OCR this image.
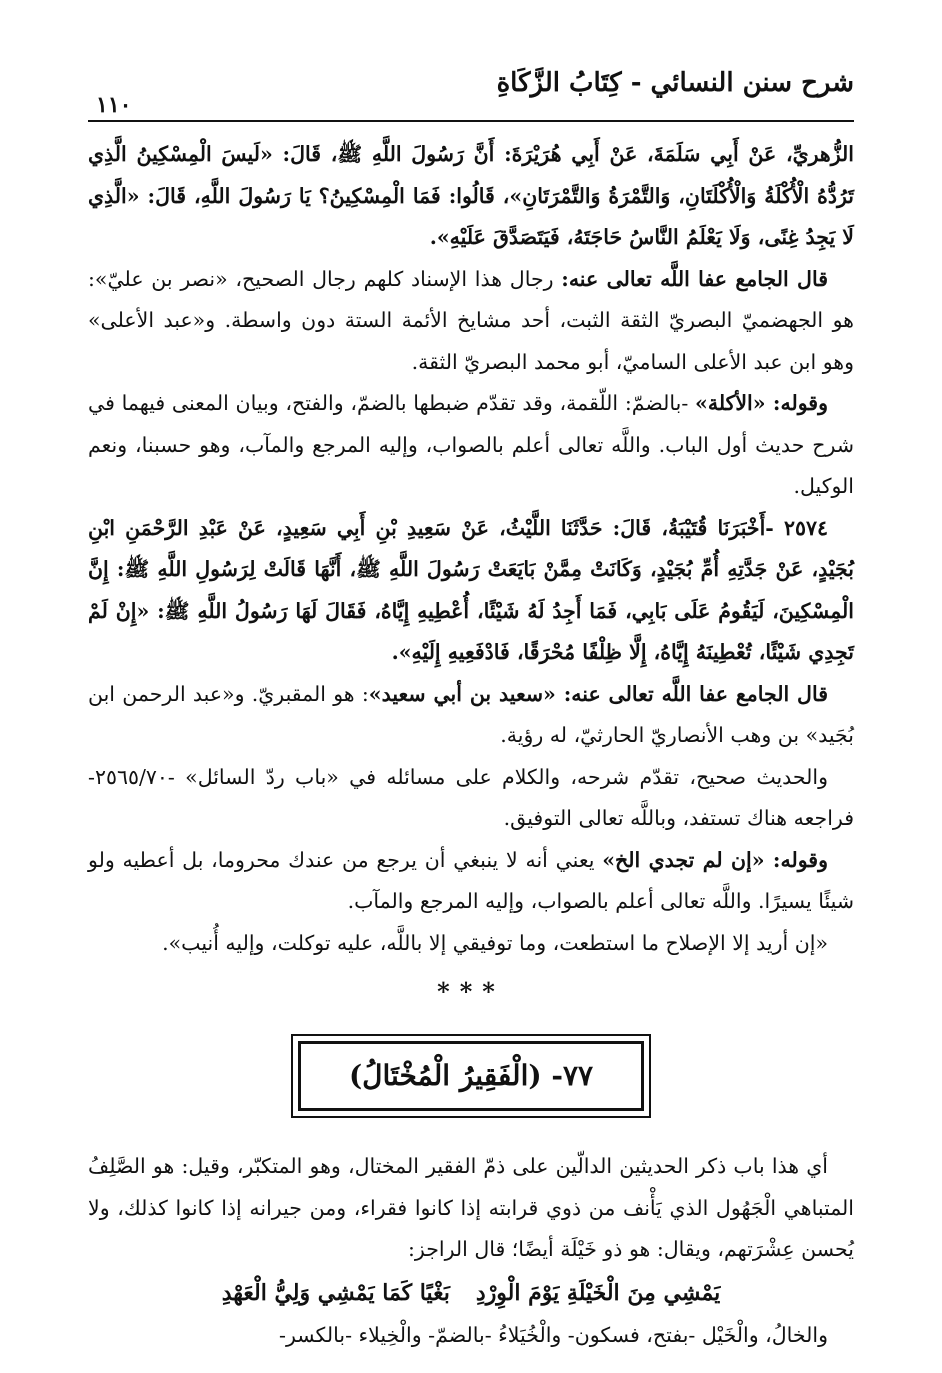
شرح سنن النسائي - كِتَابُ الزَّكَاةِ
١١٠

الزُّهريِّ، عَنْ أَبِي سَلَمَةَ، عَنْ أَبِي هُرَيْرَةَ: أَنَّ رَسُولَ اللَّهِ ﷺ، قَالَ: «لَيسَ الْمِسْكِينُ الَّذِي تَرُدُّهُ الْأُكْلَةُ وَالْأُكْلَتَانِ، وَالتَّمْرَةُ وَالتَّمْرَتَانِ»، قَالُوا: فَمَا الْمِسْكِينُ؟ يَا رَسُولَ اللَّهِ، قَالَ: «الَّذِي لَا يَجِدُ غِنًى، وَلَا يَعْلَمُ النَّاسُ حَاجَتَهُ، فَيَتَصَدَّقَ عَلَيْهِ».

قال الجامع عفا اللَّه تعالى عنه: رجال هذا الإسناد كلهم رجال الصحيح، «نصر بن عليّ»: هو الجهضميّ البصريّ الثقة الثبت، أحد مشايخ الأئمة الستة دون واسطة. و«عبد الأعلى» وهو ابن عبد الأعلى الساميّ، أبو محمد البصريّ الثقة.

وقوله: «الأكلة» -بالضمّ: اللّقمة، وقد تقدّم ضبطها بالضمّ، والفتح، وبيان المعنى فيهما في شرح حديث أول الباب. واللَّه تعالى أعلم بالصواب، وإليه المرجع والمآب، وهو حسبنا، ونعم الوكيل.

٢٥٧٤ -أَخْبَرَنَا قُتَيْبَةُ، قَالَ: حَدَّثَنَا اللَّيْثُ، عَنْ سَعِيدِ بْنِ أَبِي سَعِيدٍ، عَنْ عَبْدِ الرَّحْمَنِ ابْنِ بُجَيْدٍ، عَنْ جَدَّتِهِ أُمِّ بُجَيْدٍ، وَكَانَتْ مِمَّنْ بَايَعَتْ رَسُولَ اللَّهِ ﷺ، أَنَّهَا قَالَتْ لِرَسُولِ اللَّهِ ﷺ: إِنَّ الْمِسْكِينَ، لَيَقُومُ عَلَى بَابِي، فَمَا أَجِدُ لَهُ شَيْئًا، أُعْطِيهِ إِيَّاهُ، فَقَالَ لَهَا رَسُولُ اللَّهِ ﷺ: «إِنْ لَمْ تَجِدِي شَيْئًا، تُعْطِينَهُ إِيَّاهُ، إِلَّا ظِلْفًا مُحْرَقًا، فَادْفَعِيهِ إِلَيْهِ».

قال الجامع عفا اللَّه تعالى عنه: «سعيد بن أبي سعيد»: هو المقبريّ. و«عبد الرحمن ابن بُجَيد» بن وهب الأنصاريّ الحارثيّ، له رؤية.

والحديث صحيح، تقدّم شرحه، والكلام على مسائله في «باب ردّ السائل» -٢٥٦٥/٧٠- فراجعه هناك تستفد، وباللَّه تعالى التوفيق.

وقوله: «إن لم تجدي الخ» يعني أنه لا ينبغي أن يرجع من عندك محروما، بل أعطيه ولو شيئًا يسيرًا. واللَّه تعالى أعلم بالصواب، وإليه المرجع والمآب.

«إن أريد إلا الإصلاح ما استطعت، وما توفيقي إلا باللَّه، عليه توكلت، وإليه أُنيب».

***
٧٧- (الْفَقِيرُ الْمُخْتَالُ)

أي هذا باب ذكر الحديثين الدالّين على ذمّ الفقير المختال، وهو المتكبّر، وقيل: هو الصَّلِفُ المتباهي الْجَهُول الذي يَأْنف من ذوي قرابته إذا كانوا فقراء، ومن جيرانه إذا كانوا كذلك، ولا يُحسن عِشْرَتهم، ويقال: هو ذو خَيْلَة أيضًا؛ قال الراجز:

يَمْشِي مِنَ الْخَيْلَةِ يَوْمَ الْوِرْدِ
بَغْيًا كَمَا يَمْشِي وَلِيُّ الْعَهْدِ

والخالُ، والْخَيْل -بفتح، فسكون- والْخُيَلاءُ -بالضمّ- والْخِيلاء -بالكسر-
